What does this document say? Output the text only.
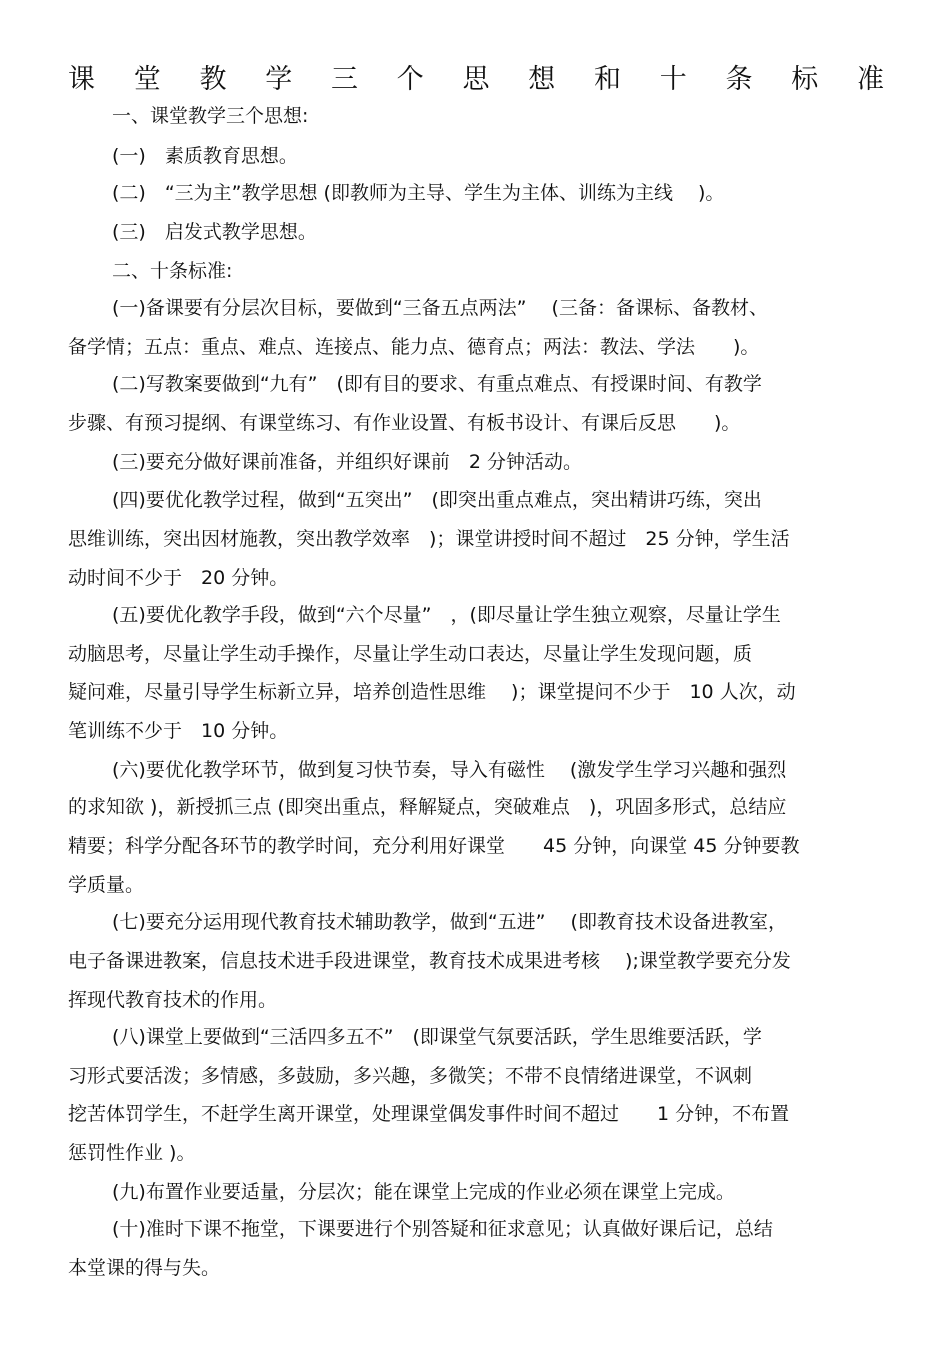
课 堂 教 学 三 个 思 想 和 十 条 标 准
一、课堂教学三个思想:
(一)　素质教育思想。
(二)　“三为主”教学思想 (即教师为主导、学生为主体、训练为主线　 )。
(三)　启发式教学思想。
二、十条标准:
(一)备课要有分层次目标，要做到“三备五点两法”　 (三备：备课标、备教材、
备学情；五点：重点、难点、连接点、能力点、德育点；两法：教法、学法　　)。
(二)写教案要做到“九有”　(即有目的要求、有重点难点、有授课时间、有教学
步骤、有预习提纲、有课堂练习、有作业设置、有板书设计、有课后反思　　)。
(三)要充分做好课前准备，并组织好课前　2 分钟活动。
(四)要优化教学过程，做到“五突出”　(即突出重点难点，突出精讲巧练，突出
思维训练，突出因材施教，突出教学效率　)；课堂讲授时间不超过　25 分钟，学生活
动时间不少于　20 分钟。
(五)要优化教学手段，做到“六个尽量”　，(即尽量让学生独立观察，尽量让学生
动脑思考，尽量让学生动手操作，尽量让学生动口表达，尽量让学生发现问题，质
疑问难，尽量引导学生标新立异，培养创造性思维　 )；课堂提问不少于　10 人次，动
笔训练不少于　10 分钟。
(六)要优化教学环节，做到复习快节奏，导入有磁性　 (激发学生学习兴趣和强烈
的求知欲 )，新授抓三点 (即突出重点，释解疑点，突破难点　)，巩固多形式，总结应
精要；科学分配各环节的教学时间，充分利用好课堂　　45 分钟，向课堂 45 分钟要教
学质量。
(七)要充分运用现代教育技术辅助教学，做到“五进”　 (即教育技术设备进教室，
电子备课进教案，信息技术进手段进课堂，教育技术成果进考核　 );课堂教学要充分发
挥现代教育技术的作用。
(八)课堂上要做到“三活四多五不”　(即课堂气氛要活跃，学生思维要活跃，学
习形式要活泼；多情感，多鼓励，多兴趣，多微笑；不带不良情绪进课堂，不讽刺
挖苦体罚学生，不赶学生离开课堂，处理课堂偶发事件时间不超过　　1 分钟，不布置
惩罚性作业 )。
(九)布置作业要适量，分层次；能在课堂上完成的作业必须在课堂上完成。
(十)准时下课不拖堂，下课要进行个别答疑和征求意见；认真做好课后记，总结
本堂课的得与失。
